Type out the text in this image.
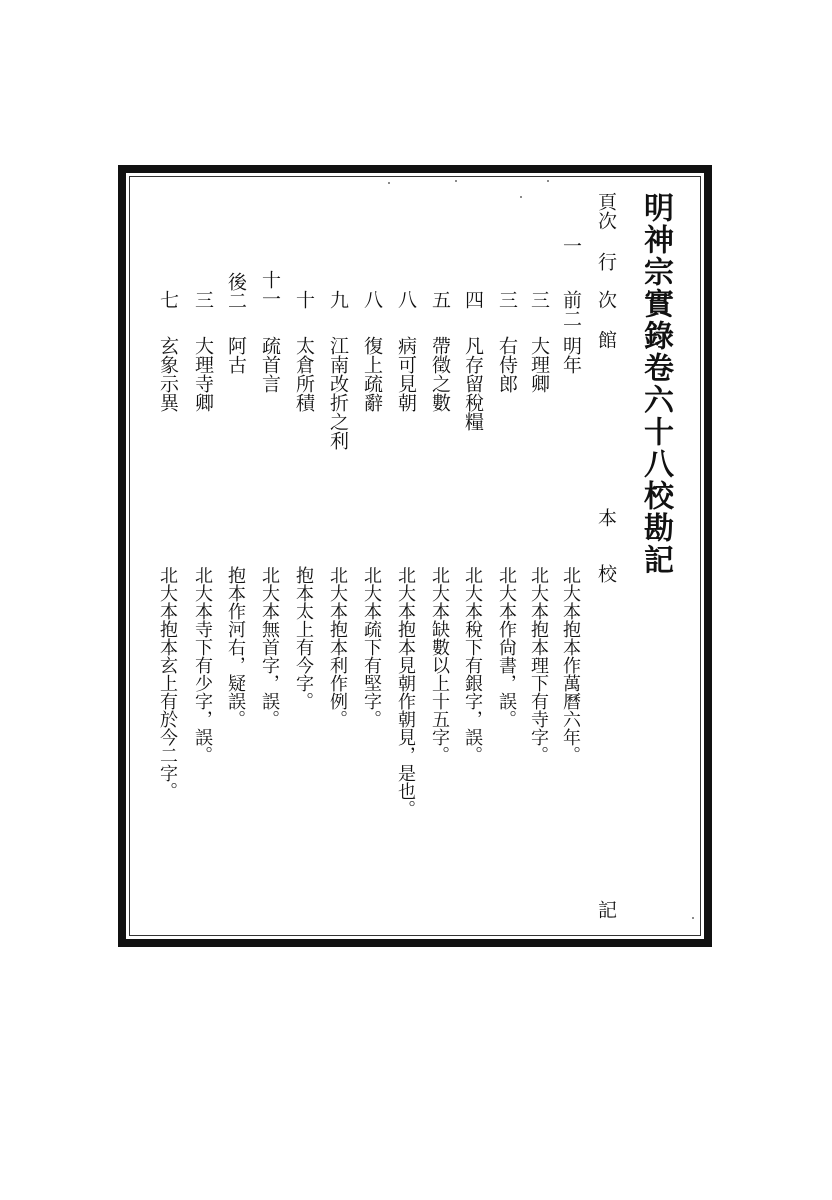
明神宗實錄卷六十八校勘記
頁次
行
次
館
本
校
記
一
前二
明年
北大本抱本作萬曆六年。
三
大理卿
北大本抱本理下有寺字。
三
右侍郎
北大本作尙書，誤。
四
凡存留稅糧
北大本稅下有銀字，誤。
五
帶徵之數
北大本缺數以上十五字。
八
病可見朝
北大本抱本見朝作朝見，是也。
八
復上疏辭
北大本疏下有堅字。
九
江南改折之利
北大本抱本利作例。
十
太倉所積
抱本太上有今字。
十一
疏首言
北大本無首字，誤。
後二
阿古
抱本作河右，疑誤。
三
大理寺卿
北大本寺下有少字，誤。
七
玄象示異
北大本抱本玄上有於今二字。
